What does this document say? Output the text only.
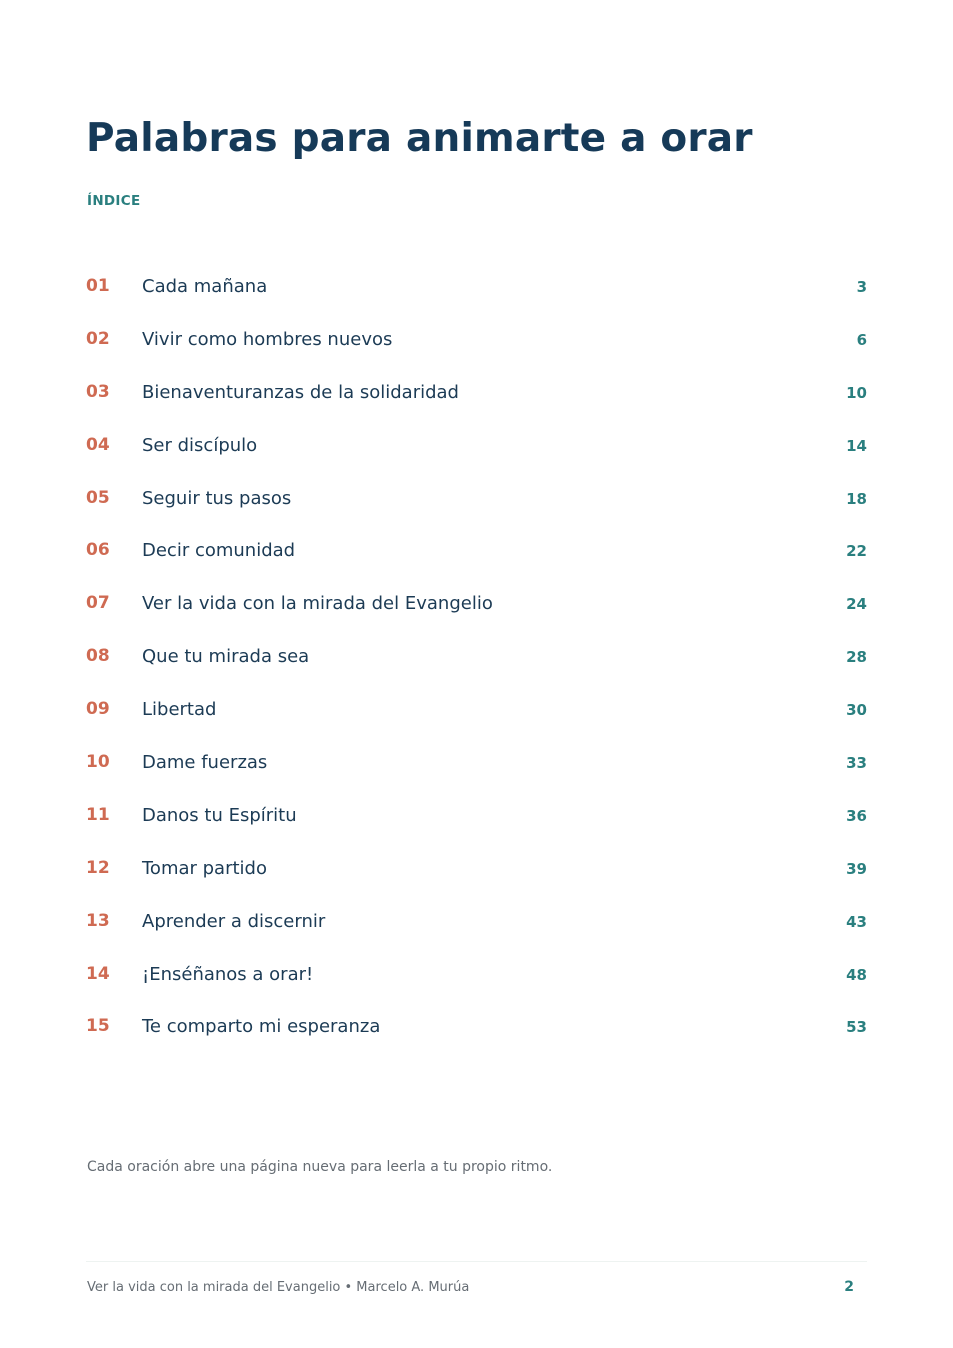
Palabras para animarte a orar
ÍNDICE
01 Cada mañana	3
02 Vivir como hombres nuevos	6
03 Bienaventuranzas de la solidaridad	10
04 Ser discípulo	14
05 Seguir tus pasos	18
06 Decir comunidad	22
07 Ver la vida con la mirada del Evangelio	24
08 Que tu mirada sea	28
09 Libertad	30
10 Dame fuerzas	33
11 Danos tu Espíritu	36
12 Tomar partido	39
13 Aprender a discernir	43
14 ¡Enséñanos a orar!	48
15 Te comparto mi esperanza	53
Cada oración abre una página nueva para leerla a tu propio ritmo.
Ver la vida con la mirada del Evangelio • Marcelo A. Murúa	2
